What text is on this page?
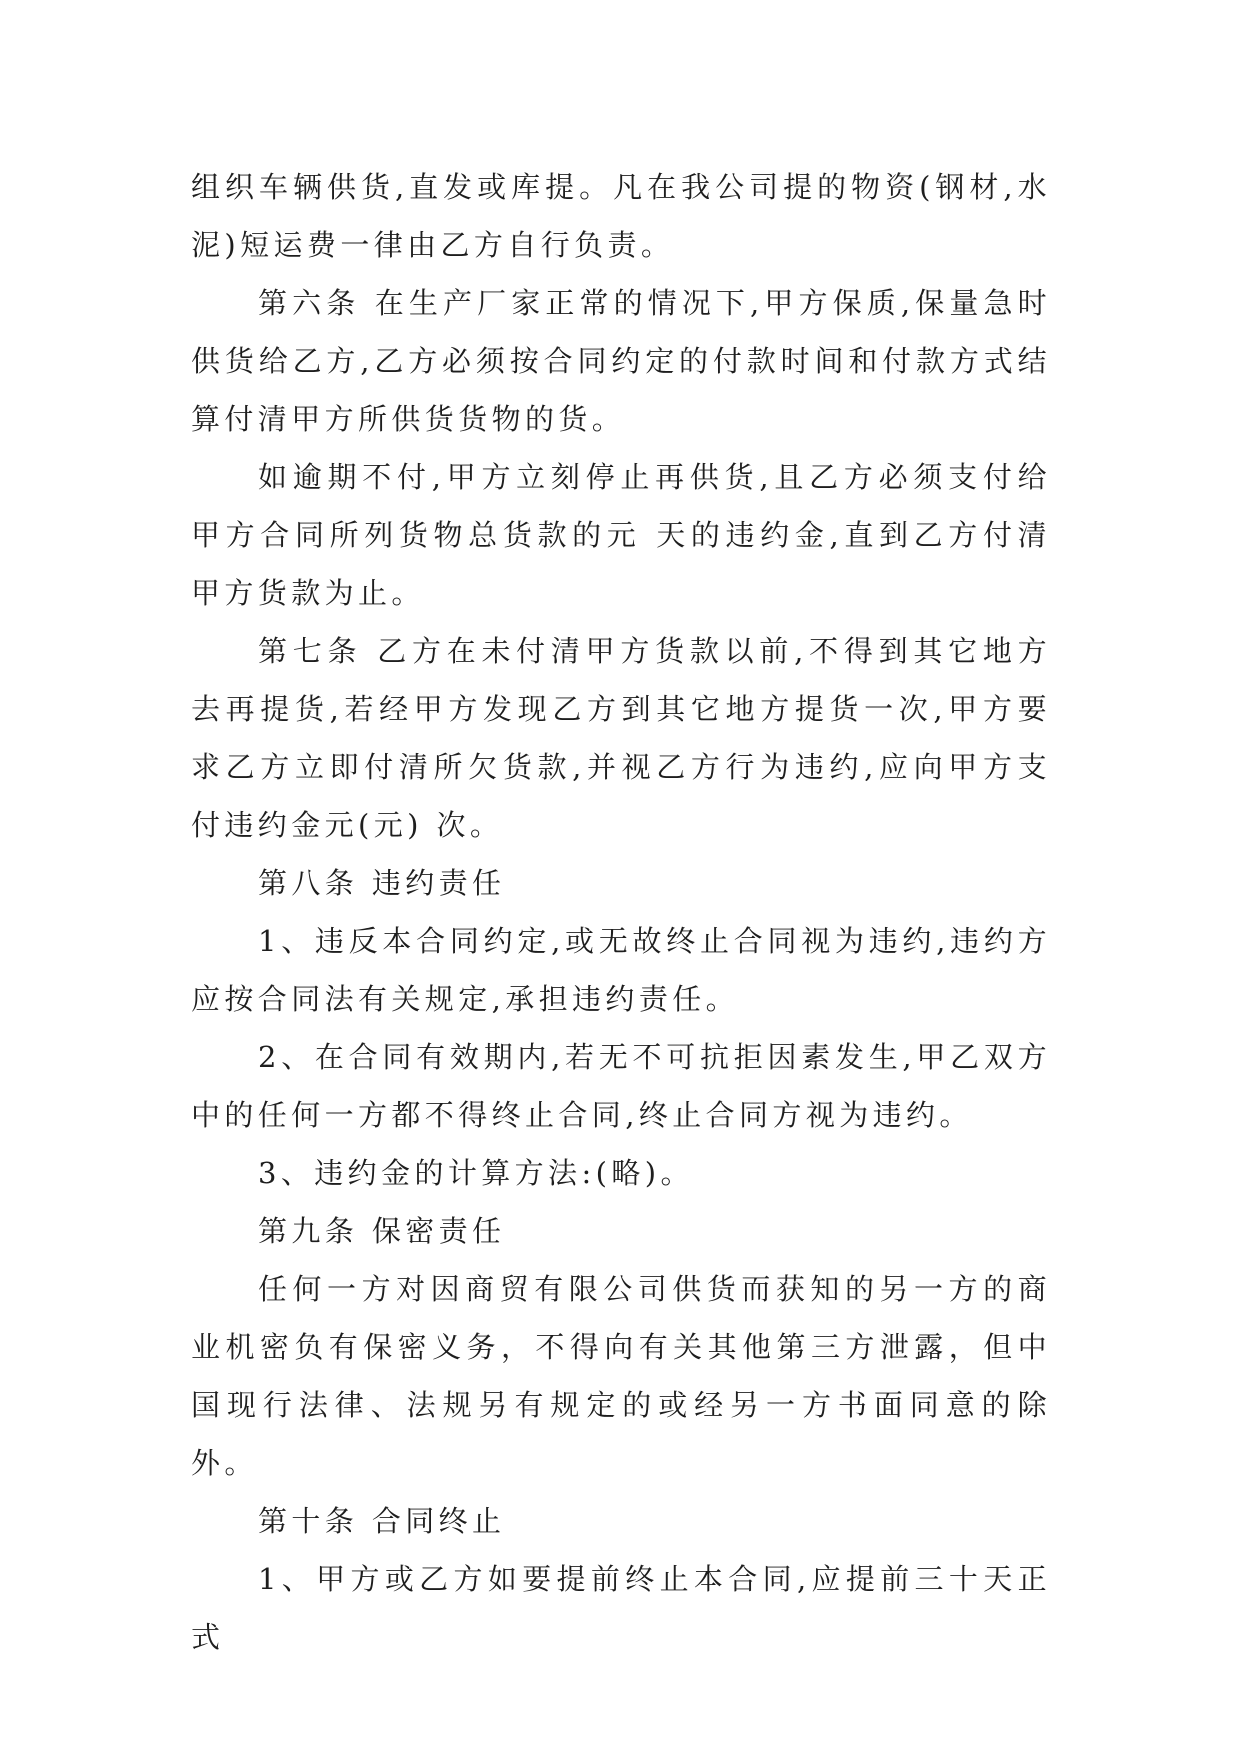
组织车辆供货,直发或库提。凡在我公司提的物资(钢材,水泥)短运费一律由乙方自行负责。

第六条 在生产厂家正常的情况下,甲方保质,保量急时供货给乙方,乙方必须按合同约定的付款时间和付款方式结算付清甲方所供货货物的货。

如逾期不付,甲方立刻停止再供货,且乙方必须支付给甲方合同所列货物总货款的元 天的违约金,直到乙方付清甲方货款为止。

第七条 乙方在未付清甲方货款以前,不得到其它地方去再提货,若经甲方发现乙方到其它地方提货一次,甲方要求乙方立即付清所欠货款,并视乙方行为违约,应向甲方支付违约金元(元) 次。

第八条 违约责任

1、违反本合同约定,或无故终止合同视为违约,违约方应按合同法有关规定,承担违约责任。

2、在合同有效期内,若无不可抗拒因素发生,甲乙双方中的任何一方都不得终止合同,终止合同方视为违约。

3、违约金的计算方法:(略)。

第九条 保密责任

任何一方对因商贸有限公司供货而获知的另一方的商业机密负有保密义务，不得向有关其他第三方泄露，但中国现行法律、法规另有规定的或经另一方书面同意的除外。

第十条 合同终止

1、甲方或乙方如要提前终止本合同,应提前三十天正式
